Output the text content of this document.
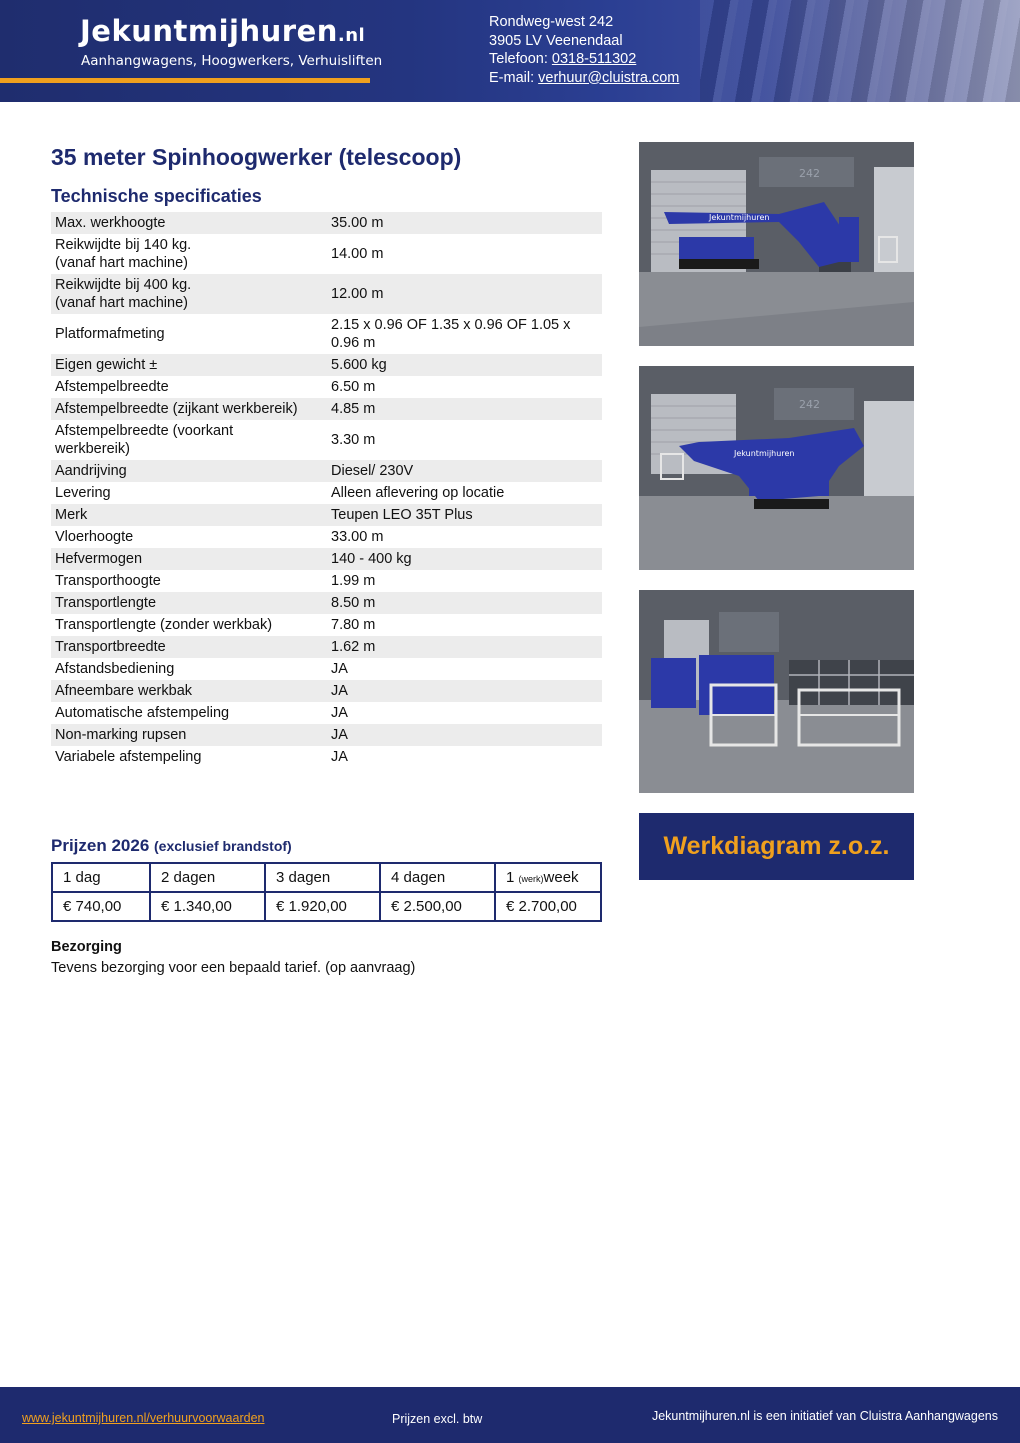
Jekuntmijhuren.nl
Aanhangwagens, Hoogwerkers, Verhuisliften
Rondweg-west 242
3905 LV Veenendaal
Telefoon: 0318-511302
E-mail: verhuur@cluistra.com
35 meter Spinhoogwerker (telescoop)
Technische specificaties
Max. werkhoogte	35.00 m

Reikwijdte bij 140 kg.
(vanaf hart machine)	14.00 m

Reikwijdte bij 400 kg.
(vanaf hart machine)	12.00 m

Platformafmeting	2.15 x 0.96 OF 1.35 x 0.96 OF 1.05 x
0.96 m

Eigen gewicht ±	5.600 kg

Afstempelbreedte	6.50 m

Afstempelbreedte (zijkant werkbereik)	4.85 m

Afstempelbreedte (voorkant
werkbereik)	3.30 m

Aandrijving	Diesel/ 230V

Levering	Alleen aflevering op locatie

Merk	Teupen LEO 35T Plus

Vloerhoogte	33.00 m

Hefvermogen	140 - 400 kg

Transporthoogte	1.99 m

Transportlengte	8.50 m

Transportlengte (zonder werkbak)	7.80 m

Transportbreedte	1.62 m

Afstandsbediening	JA

Afneembare werkbak	JA

Automatische afstempeling	JA

Non-marking rupsen	JA

Variabele afstempeling	JA
Prijzen 2026 (exclusief brandstof)
1 dag	2 dagen	3 dagen	4 dagen	1 (werk)week
€ 740,00	€ 1.340,00	€ 1.920,00	€ 2.500,00	€ 2.700,00
Bezorging
Tevens bezorging voor een bepaald tarief. (op aanvraag)
242
Jekuntmijhuren
242
Jekuntmijhuren
Werkdiagram z.o.z.
www.jekuntmijhuren.nl/verhuurvoorwaarden	Prijzen excl. btw	Jekuntmijhuren.nl is een initiatief van Cluistra Aanhangwagens
